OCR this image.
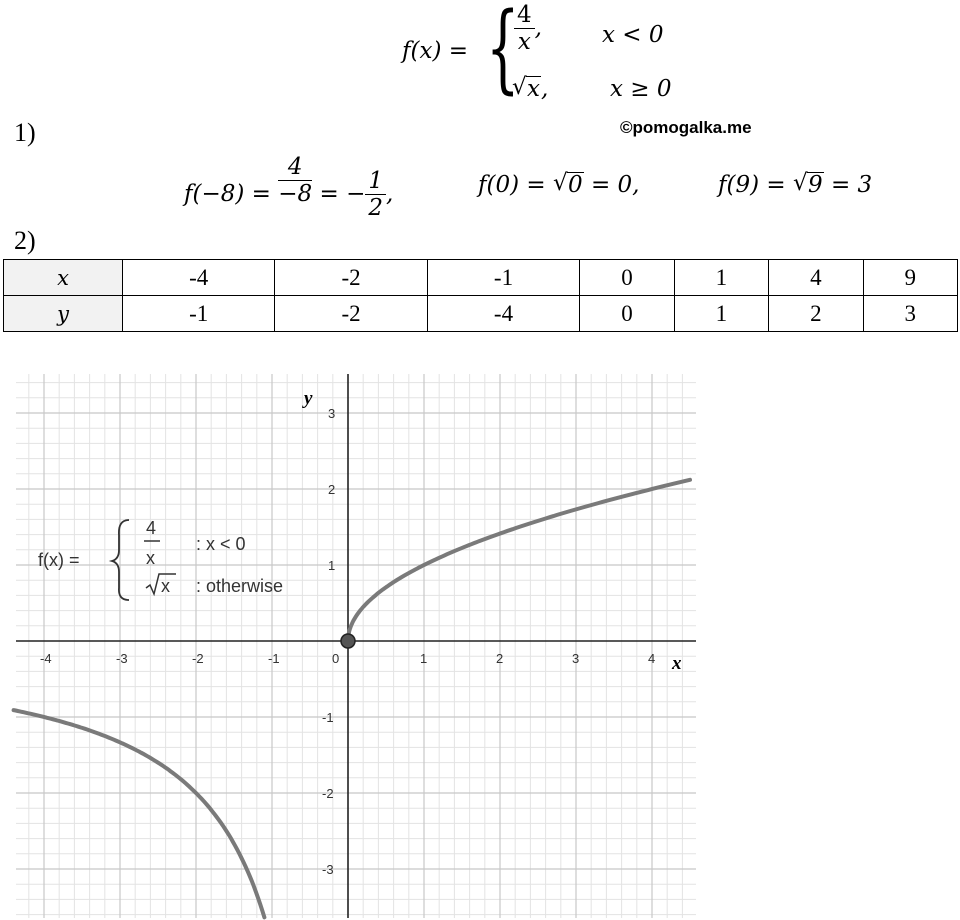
f(x) = {
$\frac{4}{x}$ ,	x < 0
√ x,	x ≥ 0
1)	©pomogalka.me
$f(-8) = \frac{4}{-8}$ = − $\frac{1}{2}$ ,	f(0) = √ 0 = 0,	f(9) = √ 9 = 3
2)
x	-4	-2	-1	0	1	4	9
y	-1	-2	-4	0	1	2	3
-4	-3	-2	-1	0	1	2	3	4
-3
-2
-1
1
2
3
x
y
f(x) =
4
x
: x < 0
x : otherwise
